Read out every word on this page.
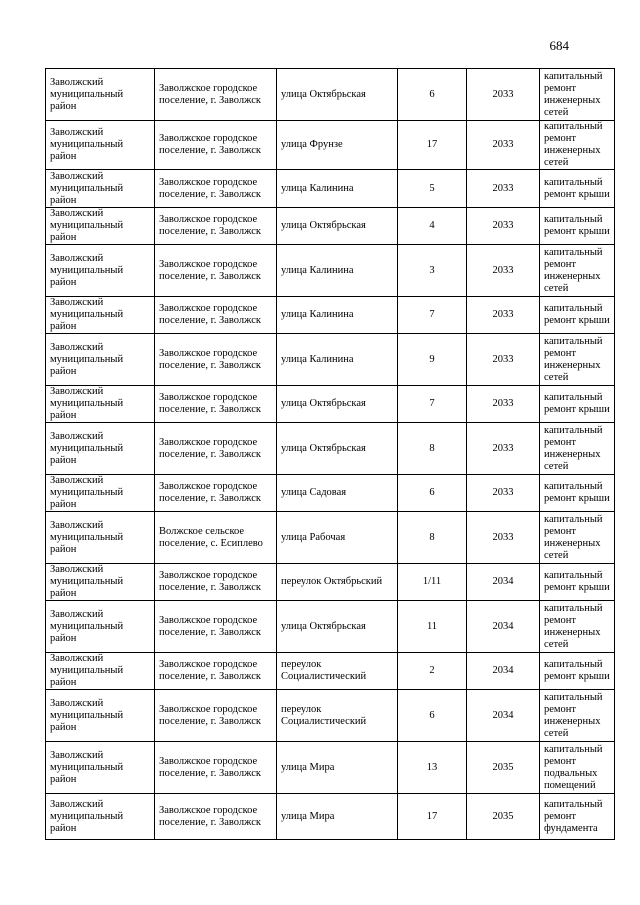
684
Заволжский муниципальный район	Заволжское городское поселение, г. Заволжск	улица Октябрьская	6	2033	капитальный ремонт инженерных сетей
Заволжский муниципальный район	Заволжское городское поселение, г. Заволжск	улица Фрунзе	17	2033	капитальный ремонт инженерных сетей
Заволжский муниципальный район	Заволжское городское поселение, г. Заволжск	улица Калинина	5	2033	капитальный ремонт крыши
Заволжский муниципальный район	Заволжское городское поселение, г. Заволжск	улица Октябрьская	4	2033	капитальный ремонт крыши
Заволжский муниципальный район	Заволжское городское поселение, г. Заволжск	улица Калинина	3	2033	капитальный ремонт инженерных сетей
Заволжский муниципальный район	Заволжское городское поселение, г. Заволжск	улица Калинина	7	2033	капитальный ремонт крыши
Заволжский муниципальный район	Заволжское городское поселение, г. Заволжск	улица Калинина	9	2033	капитальный ремонт инженерных сетей
Заволжский муниципальный район	Заволжское городское поселение, г. Заволжск	улица Октябрьская	7	2033	капитальный ремонт крыши
Заволжский муниципальный район	Заволжское городское поселение, г. Заволжск	улица Октябрьская	8	2033	капитальный ремонт инженерных сетей
Заволжский муниципальный район	Заволжское городское поселение, г. Заволжск	улица Садовая	6	2033	капитальный ремонт крыши
Заволжский муниципальный район	Волжское сельское поселение, с. Есиплево	улица Рабочая	8	2033	капитальный ремонт инженерных сетей
Заволжский муниципальный район	Заволжское городское поселение, г. Заволжск	переулок Октябрьский	1/11	2034	капитальный ремонт крыши
Заволжский муниципальный район	Заволжское городское поселение, г. Заволжск	улица Октябрьская	11	2034	капитальный ремонт инженерных сетей
Заволжский муниципальный район	Заволжское городское поселение, г. Заволжск	переулок Социалистический	2	2034	капитальный ремонт крыши
Заволжский муниципальный район	Заволжское городское поселение, г. Заволжск	переулок Социалистический	6	2034	капитальный ремонт инженерных сетей
Заволжский муниципальный район	Заволжское городское поселение, г. Заволжск	улица Мира	13	2035	капитальный ремонт подвальных помещений
Заволжский муниципальный район	Заволжское городское поселение, г. Заволжск	улица Мира	17	2035	капитальный ремонт фундамента
